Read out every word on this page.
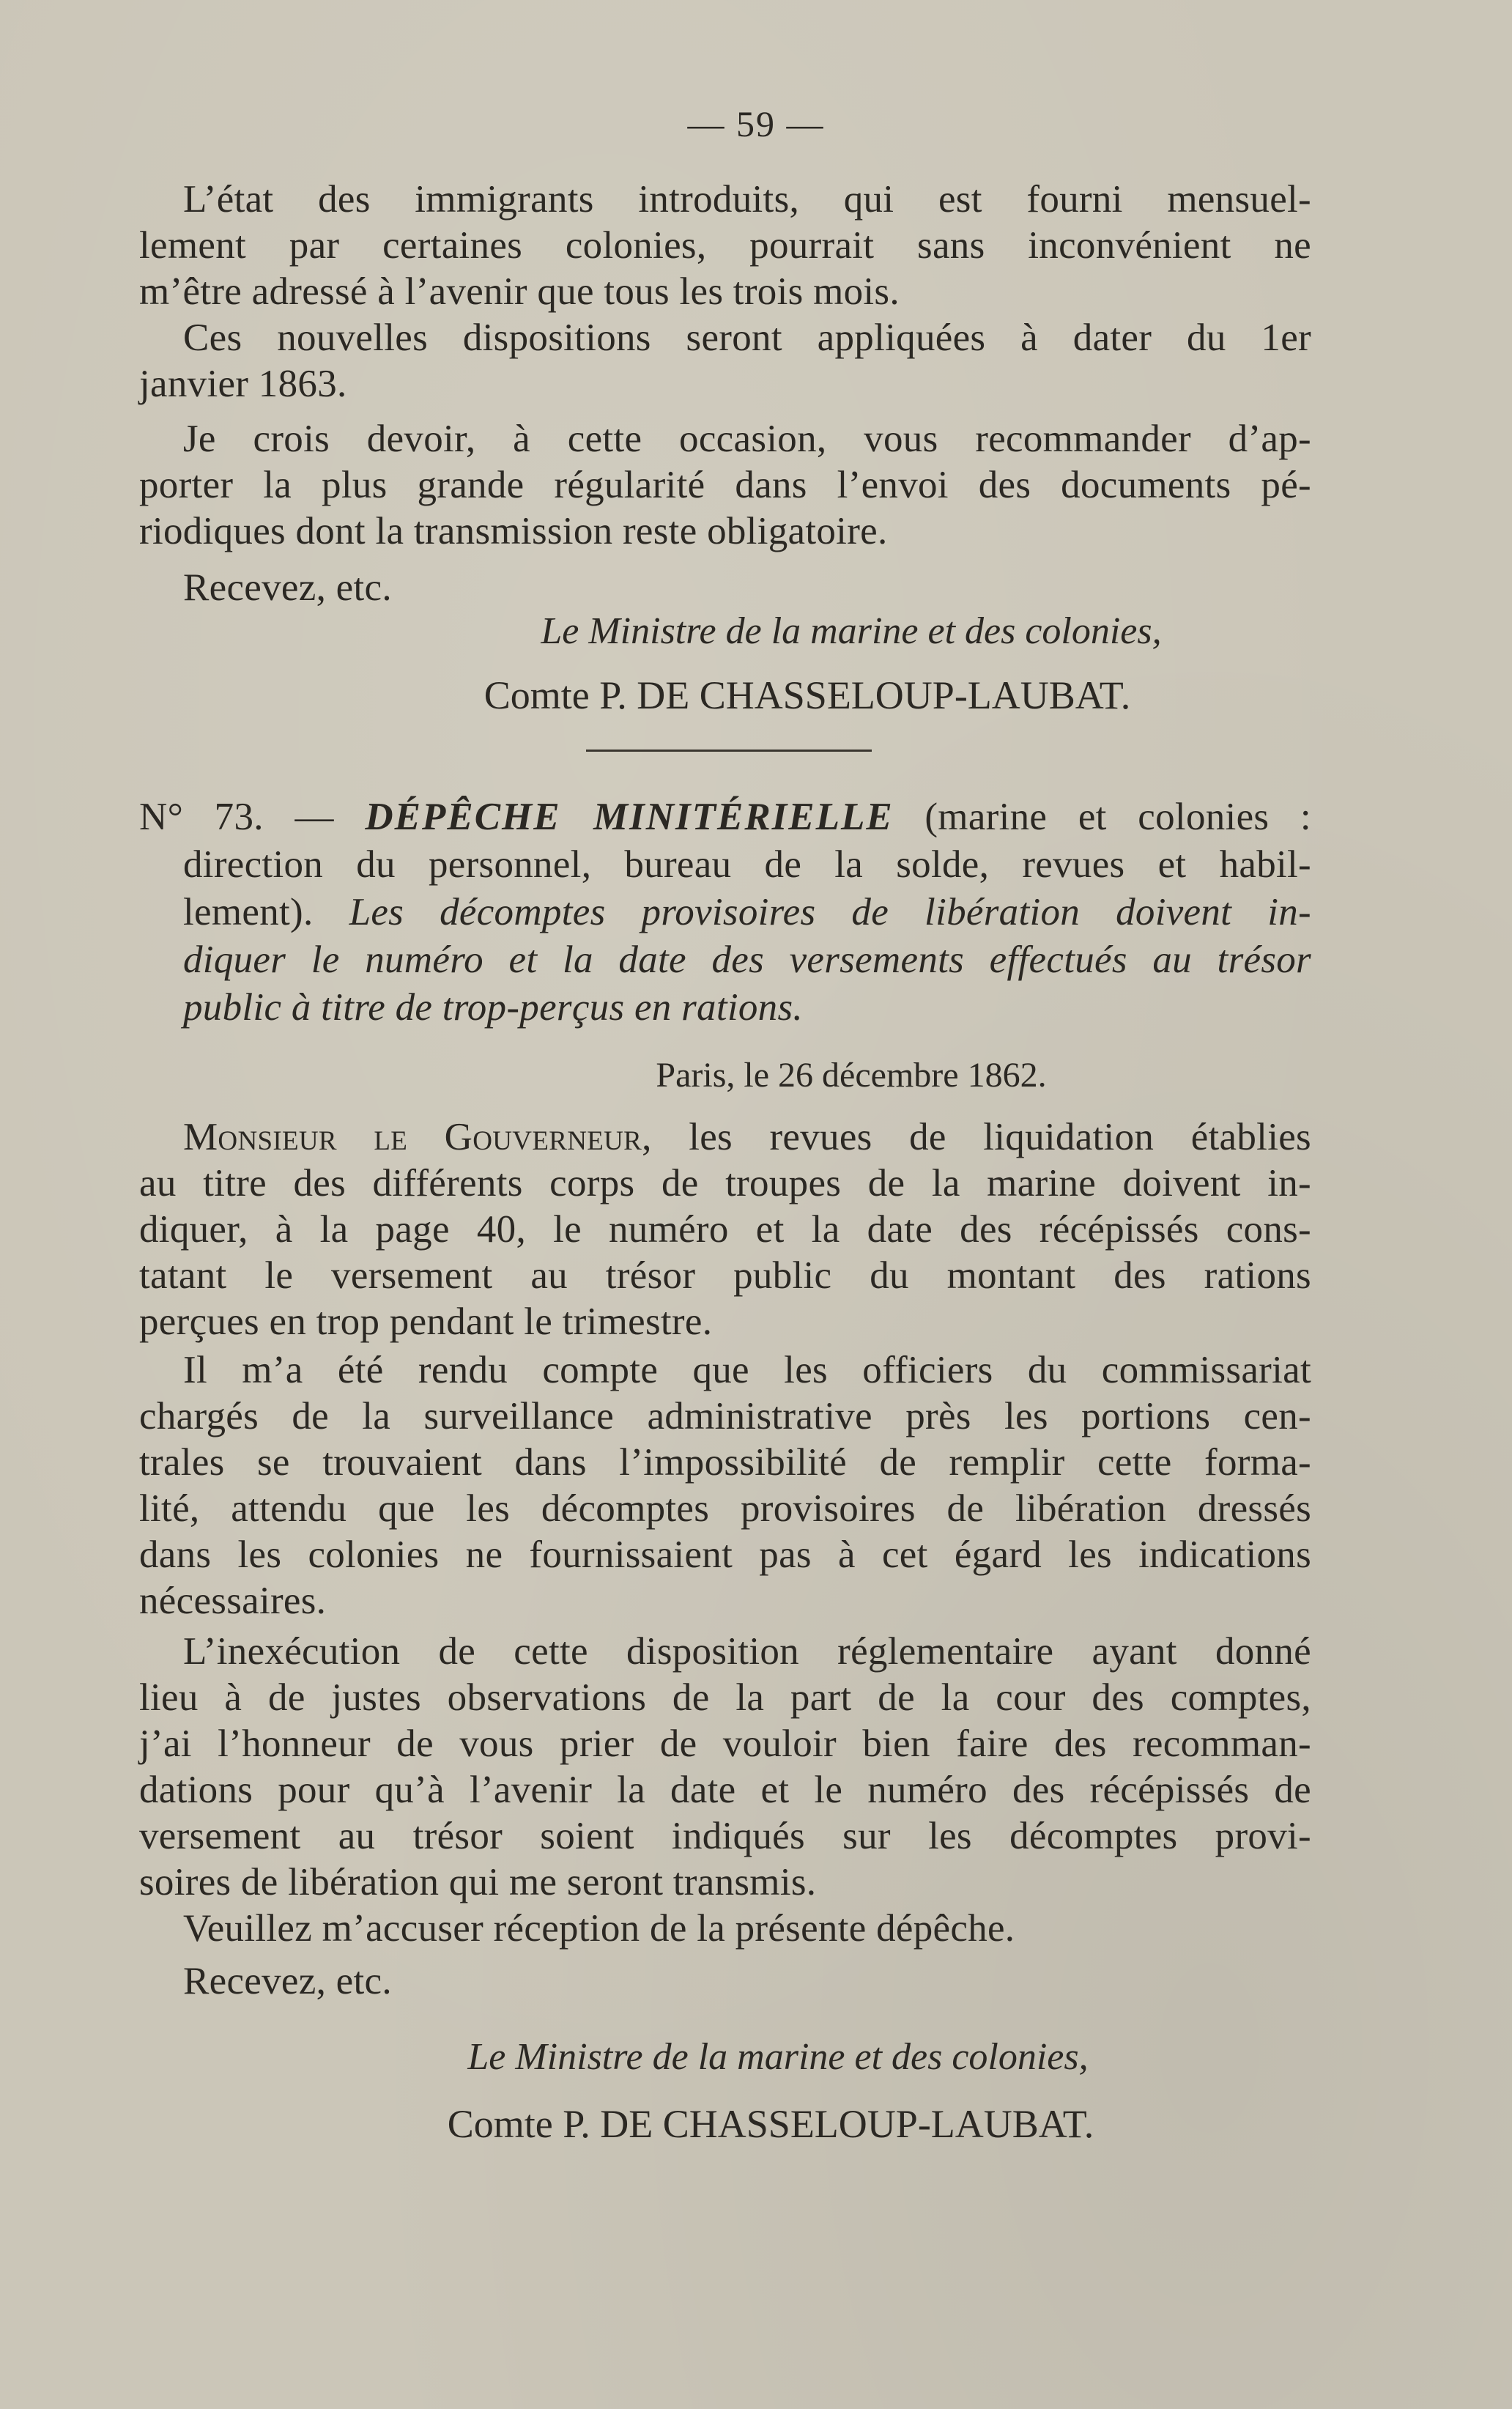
— 59 —
L’état des immigrants introduits, qui est fourni mensuel-
lement par certaines colonies, pourrait sans inconvénient ne
m’être adressé à l’avenir que tous les trois mois.
Ces nouvelles dispositions seront appliquées à dater du 1er
janvier 1863.
Je crois devoir, à cette occasion, vous recommander d’ap-
porter la plus grande régularité dans l’envoi des documents pé-
riodiques dont la transmission reste obligatoire.
Recevez, etc.
Le Ministre de la marine et des colonies,
Comte P. DE CHASSELOUP-LAUBAT.
N° 73. — DÉPÊCHE MINITÉRIELLE (marine et colonies :
direction du personnel, bureau de la solde, revues et habil-
lement). Les décomptes provisoires de libération doivent in-
diquer le numéro et la date des versements effectués au trésor
public à titre de trop-perçus en rations.
Paris, le 26 décembre 1862.
Monsieur le Gouverneur, les revues de liquidation établies
au titre des différents corps de troupes de la marine doivent in-
diquer, à la page 40, le numéro et la date des récépissés cons-
tatant le versement au trésor public du montant des rations
perçues en trop pendant le trimestre.
Il m’a été rendu compte que les officiers du commissariat
chargés de la surveillance administrative près les portions cen-
trales se trouvaient dans l’impossibilité de remplir cette forma-
lité, attendu que les décomptes provisoires de libération dressés
dans les colonies ne fournissaient pas à cet égard les indications
nécessaires.
L’inexécution de cette disposition réglementaire ayant donné
lieu à de justes observations de la part de la cour des comptes,
j’ai l’honneur de vous prier de vouloir bien faire des recomman-
dations pour qu’à l’avenir la date et le numéro des récépissés de
versement au trésor soient indiqués sur les décomptes provi-
soires de libération qui me seront transmis.
Veuillez m’accuser réception de la présente dépêche.
Recevez, etc.
Le Ministre de la marine et des colonies,
Comte P. DE CHASSELOUP-LAUBAT.
